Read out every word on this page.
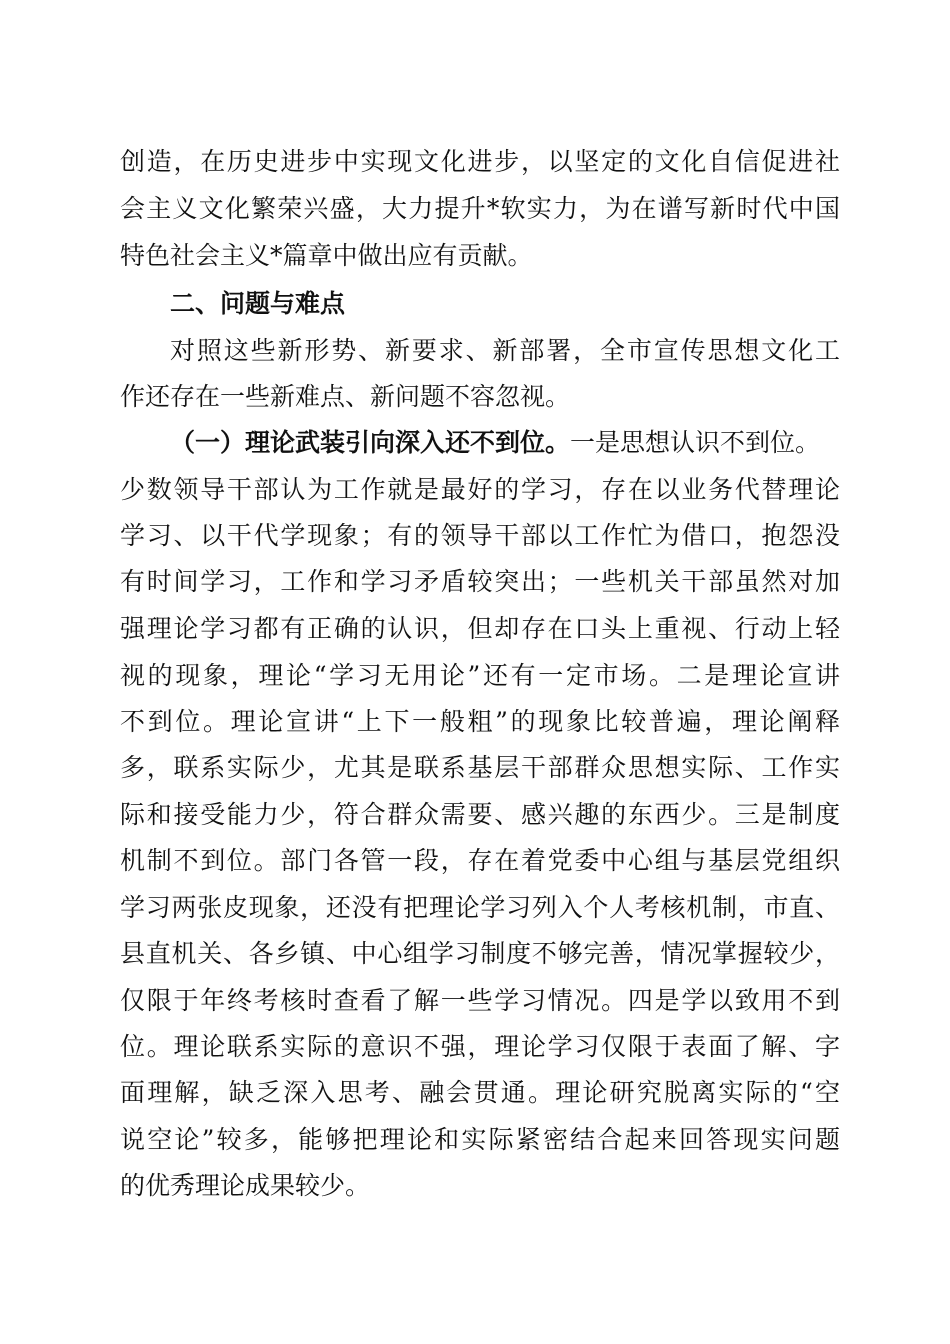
创造，在历史进步中实现文化进步，以坚定的文化自信促进社
会主义文化繁荣兴盛，大力提升*软实力，为在谱写新时代中国
特色社会主义*篇章中做出应有贡献。
二、问题与难点
对照这些新形势、新要求、新部署，全市宣传思想文化工
作还存在一些新难点、新问题不容忽视。
（一）理论武装引向深入还不到位。一是思想认识不到位。
少数领导干部认为工作就是最好的学习，存在以业务代替理论
学习、以干代学现象；有的领导干部以工作忙为借口，抱怨没
有时间学习，工作和学习矛盾较突出；一些机关干部虽然对加
强理论学习都有正确的认识，但却存在口头上重视、行动上轻
视的现象，理论“学习无用论”还有一定市场。二是理论宣讲
不到位。理论宣讲“上下一般粗”的现象比较普遍，理论阐释
多，联系实际少，尤其是联系基层干部群众思想实际、工作实
际和接受能力少，符合群众需要、感兴趣的东西少。三是制度
机制不到位。部门各管一段，存在着党委中心组与基层党组织
学习两张皮现象，还没有把理论学习列入个人考核机制，市直、
县直机关、各乡镇、中心组学习制度不够完善，情况掌握较少，
仅限于年终考核时查看了解一些学习情况。四是学以致用不到
位。理论联系实际的意识不强，理论学习仅限于表面了解、字
面理解，缺乏深入思考、融会贯通。理论研究脱离实际的“空
说空论”较多，能够把理论和实际紧密结合起来回答现实问题
的优秀理论成果较少。
